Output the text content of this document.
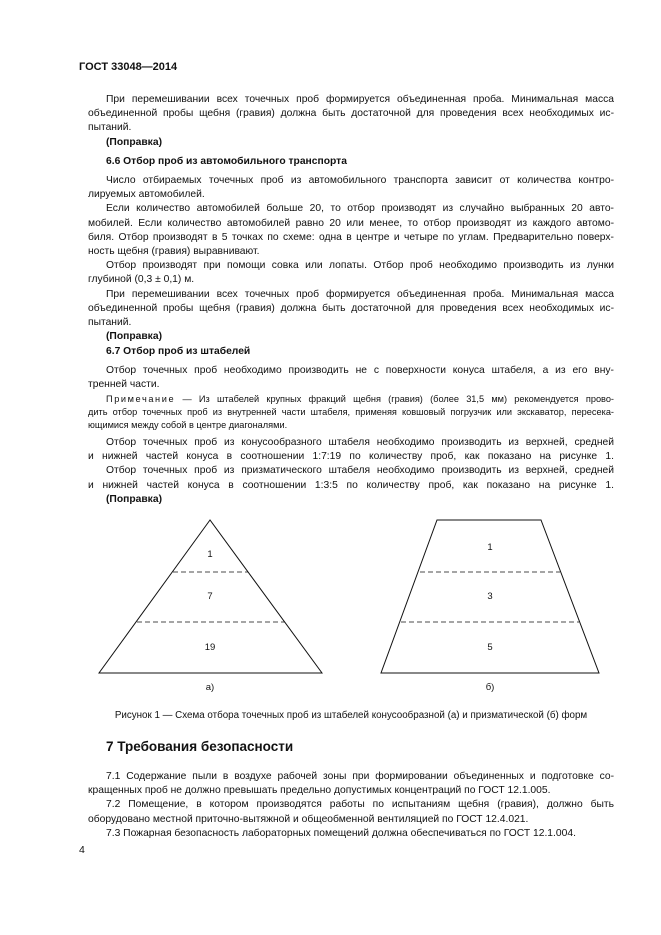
ГОСТ 33048—2014
При перемешивании всех точечных проб формируется объединенная проба. Минимальная масса
объединенной пробы щебня (гравия) должна быть достаточной для проведения всех необходимых ис-
пытаний.
(Поправка)
6.6 Отбор проб из автомобильного транспорта
Число отбираемых точечных проб из автомобильного транспорта зависит от количества контро-
лируемых автомобилей.
Если количество автомобилей больше 20, то отбор производят из случайно выбранных 20 авто-
мобилей. Если количество автомобилей равно 20 или менее, то отбор производят из каждого автомо-
биля. Отбор производят в 5 точках по схеме: одна в центре и четыре по углам. Предварительно поверх-
ность щебня (гравия) выравнивают.
Отбор производят при помощи совка или лопаты. Отбор проб необходимо производить из лунки
глубиной (0,3 ± 0,1) м.
При перемешивании всех точечных проб формируется объединенная проба. Минимальная масса
объединенной пробы щебня (гравия) должна быть достаточной для проведения всех необходимых ис-
пытаний.
(Поправка)
6.7 Отбор проб из штабелей
Отбор точечных проб необходимо производить не с поверхности конуса штабеля, а из его вну-
тренней части.
Примечание — Из штабелей крупных фракций щебня (гравия) (более 31,5 мм) рекомендуется прово-
дить отбор точечных проб из внутренней части штабеля, применяя ковшовый погрузчик или экскаватор, пересека-
ющимися между собой в центре диагоналями.
Отбор точечных проб из конусообразного штабеля необходимо производить из верхней, средней
и нижней частей конуса в соотношении 1:7:19 по количеству проб, как показано на рисунке 1.
Отбор точечных проб из призматического штабеля необходимо производить из верхней, средней
и нижней частей конуса в соотношении 1:3:5 по количеству проб, как показано на рисунке 1.
(Поправка)
1
7
19
1
3
5
а)	б)
Рисунок 1 — Схема отбора точечных проб из штабелей конусообразной (а) и призматической (б) форм
7 Требования безопасности
7.1 Содержание пыли в воздухе рабочей зоны при формировании объединенных и подготовке со-
кращенных проб не должно превышать предельно допустимых концентраций по ГОСТ 12.1.005.
7.2 Помещение, в котором производятся работы по испытаниям щебня (гравия), должно быть
оборудовано местной приточно-вытяжной и общеобменной вентиляцией по ГОСТ 12.4.021.
7.3 Пожарная безопасность лабораторных помещений должна обеспечиваться по ГОСТ 12.1.004.
4
